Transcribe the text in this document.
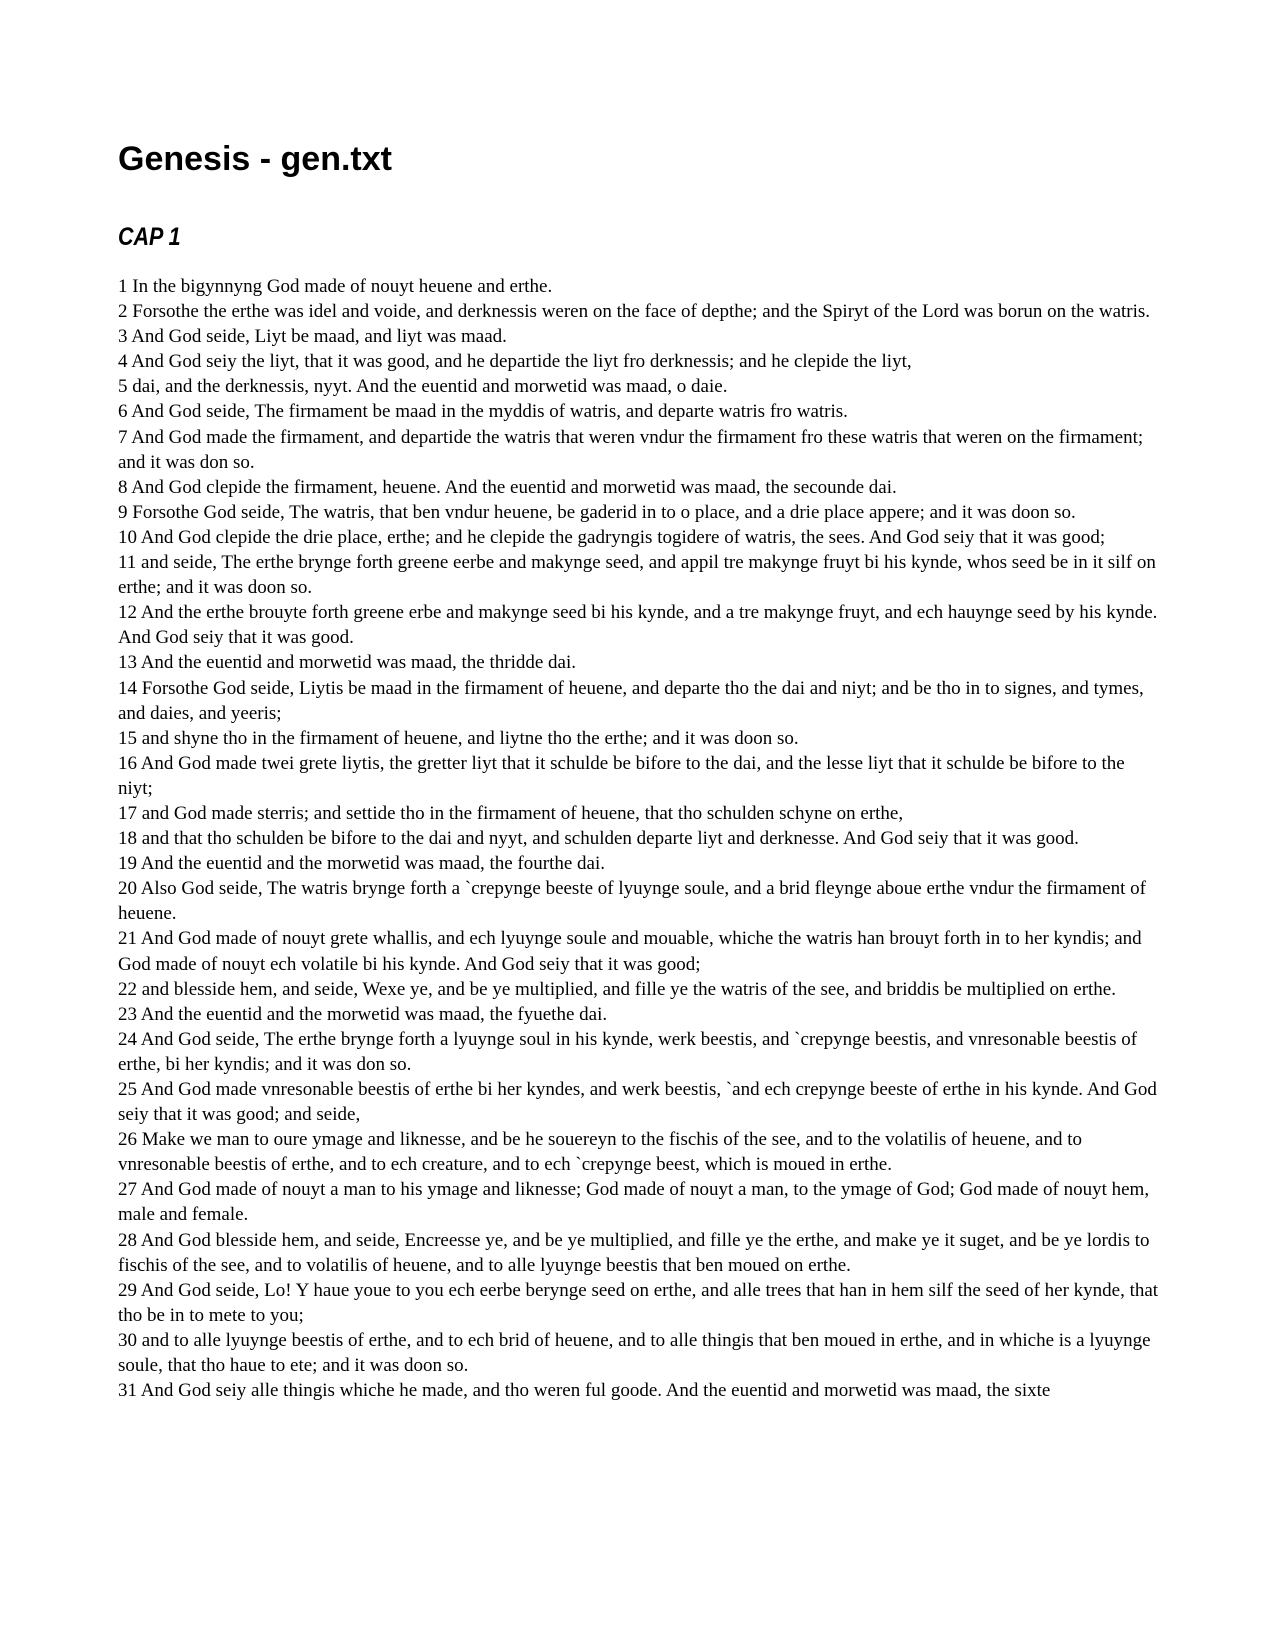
Genesis - gen.txt
CAP 1
1 In the bigynnyng God made of nouyt heuene and erthe.
2 Forsothe the erthe was idel and voide, and derknessis weren on the face of depthe; and the Spiryt of the Lord was borun on the watris.
3 And God seide, Liyt be maad, and liyt was maad.
4 And God seiy the liyt, that it was good, and he departide the liyt fro derknessis; and he clepide the liyt,
5 dai, and the derknessis, nyyt. And the euentid and morwetid was maad, o daie.
6 And God seide, The firmament be maad in the myddis of watris, and departe watris fro watris.
7 And God made the firmament, and departide the watris that weren vndur the firmament fro these watris that weren on the firmament; and it was don so.
8 And God clepide the firmament, heuene. And the euentid and morwetid was maad, the secounde dai.
9 Forsothe God seide, The watris, that ben vndur heuene, be gaderid in to o place, and a drie place appere; and it was doon so.
10 And God clepide the drie place, erthe; and he clepide the gadryngis togidere of watris, the sees. And God seiy that it was good;
11 and seide, The erthe brynge forth greene eerbe and makynge seed, and appil tre makynge fruyt bi his kynde, whos seed be in it silf on erthe; and it was doon so.
12 And the erthe brouyte forth greene erbe and makynge seed bi his kynde, and a tre makynge fruyt, and ech hauynge seed by his kynde. And God seiy that it was good.
13 And the euentid and morwetid was maad, the thridde dai.
14 Forsothe God seide, Liytis be maad in the firmament of heuene, and departe tho the dai and niyt; and be tho in to signes, and tymes, and daies, and yeeris;
15 and shyne tho in the firmament of heuene, and liytne tho the erthe; and it was doon so.
16 And God made twei grete liytis, the gretter liyt that it schulde be bifore to the dai, and the lesse liyt that it schulde be bifore to the niyt;
17 and God made sterris; and settide tho in the firmament of heuene, that tho schulden schyne on erthe,
18 and that tho schulden be bifore to the dai and nyyt, and schulden departe liyt and derknesse. And God seiy that it was good.
19 And the euentid and the morwetid was maad, the fourthe dai.
20 Also God seide, The watris brynge forth a `crepynge beeste of lyuynge soule, and a brid fleynge aboue erthe vndur the firmament of heuene.
21 And God made of nouyt grete whallis, and ech lyuynge soule and mouable, whiche the watris han brouyt forth in to her kyndis; and God made of nouyt ech volatile bi his kynde. And God seiy that it was good;
22 and blesside hem, and seide, Wexe ye, and be ye multiplied, and fille ye the watris of the see, and briddis be multiplied on erthe.
23 And the euentid and the morwetid was maad, the fyuethe dai.
24 And God seide, The erthe brynge forth a lyuynge soul in his kynde, werk beestis, and `crepynge beestis, and vnresonable beestis of erthe, bi her kyndis; and it was don so.
25 And God made vnresonable beestis of erthe bi her kyndes, and werk beestis, `and ech crepynge beeste of erthe in his kynde. And God seiy that it was good; and seide,
26 Make we man to oure ymage and liknesse, and be he souereyn to the fischis of the see, and to the volatilis of heuene, and to vnresonable beestis of erthe, and to ech creature, and to ech `crepynge beest, which is moued in erthe.
27 And God made of nouyt a man to his ymage and liknesse; God made of nouyt a man, to the ymage of God; God made of nouyt hem, male and female.
28 And God blesside hem, and seide, Encreesse ye, and be ye multiplied, and fille ye the erthe, and make ye it suget, and be ye lordis to fischis of the see, and to volatilis of heuene, and to alle lyuynge beestis that ben moued on erthe.
29 And God seide, Lo! Y haue youe to you ech eerbe berynge seed on erthe, and alle trees that han in hem silf the seed of her kynde, that tho be in to mete to you;
30 and to alle lyuynge beestis of erthe, and to ech brid of heuene, and to alle thingis that ben moued in erthe, and in whiche is a lyuynge soule, that tho haue to ete; and it was doon so.
31 And God seiy alle thingis whiche he made, and tho weren ful goode. And the euentid and morwetid was maad, the sixte
